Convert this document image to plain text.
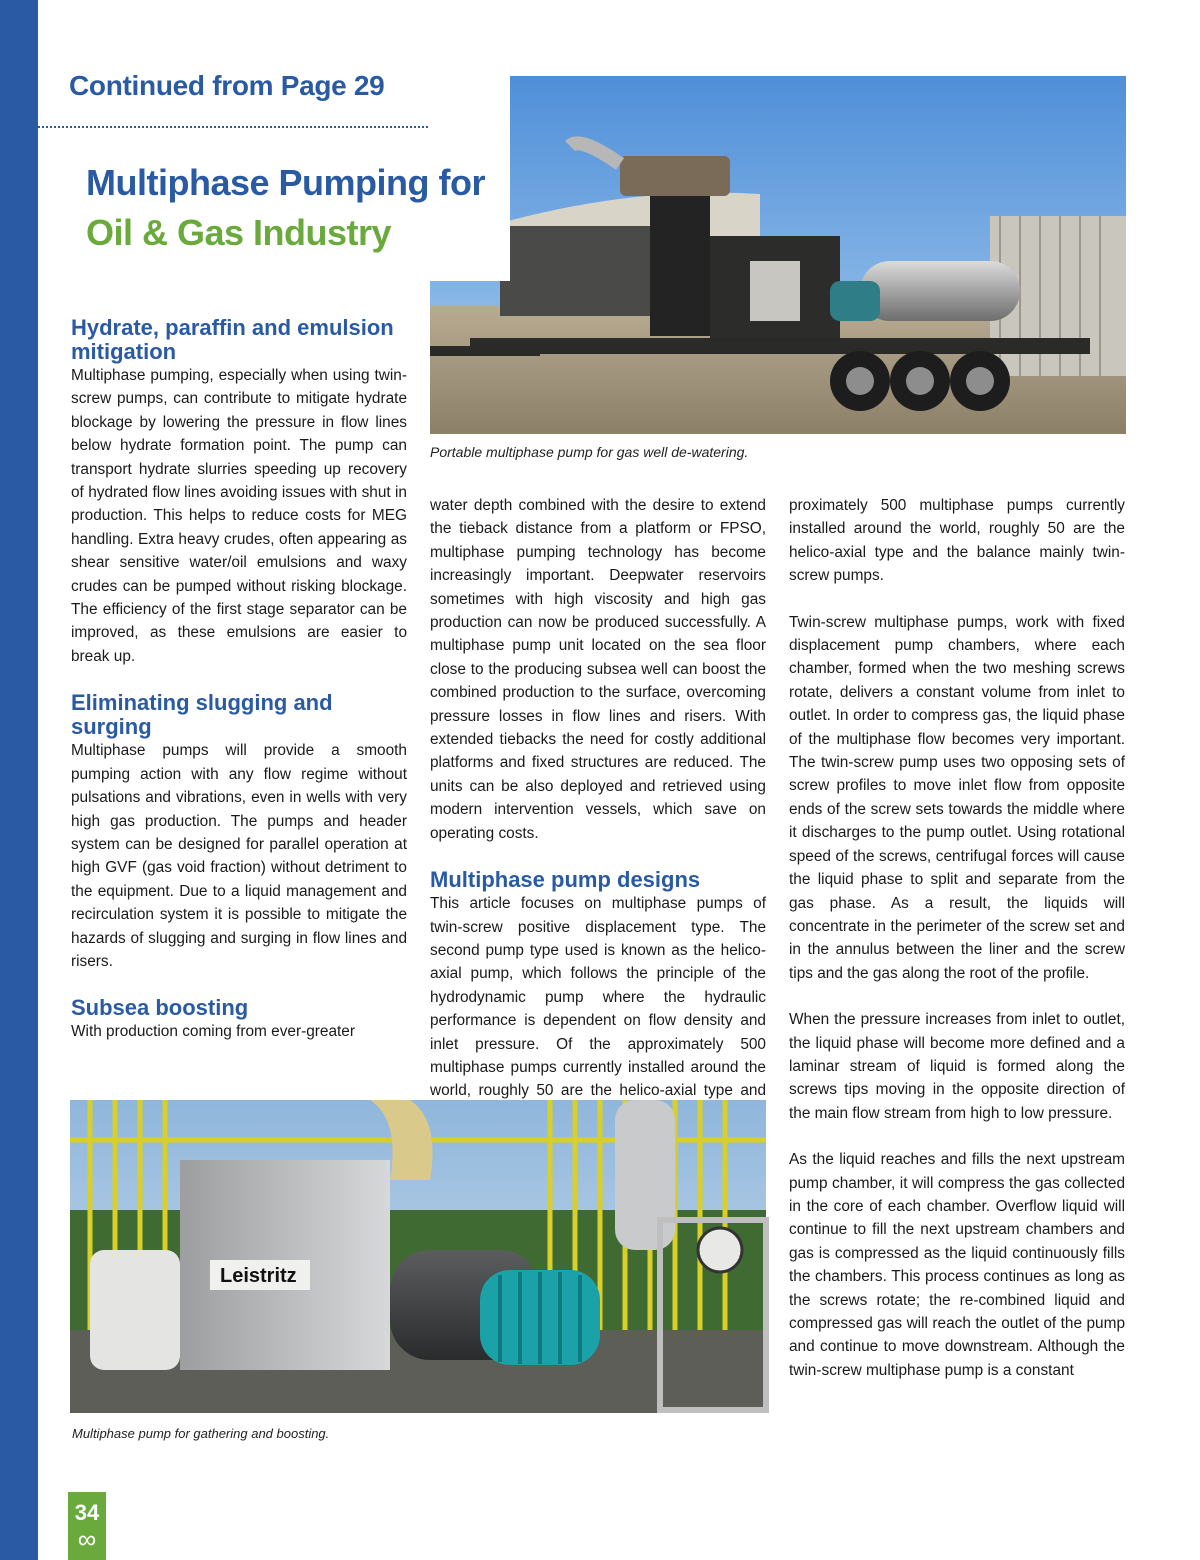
Continued from Page 29
Multiphase Pumping for
Oil & Gas Industry

Portable multiphase pump for gas well de-watering.

Hydrate, paraffin and emulsion mitigation

Multiphase pumping, especially when using twin-screw pumps, can contribute to mitigate hydrate blockage by lowering the pressure in flow lines below hydrate formation point. The pump can transport hydrate slurries speeding up recovery of hydrated flow lines avoiding issues with shut in production. This helps to reduce costs for MEG handling. Extra heavy crudes, often appearing as shear sensitive water/oil emulsions and waxy crudes can be pumped without risking blockage. The efficiency of the first stage separator can be improved, as these emulsions are easier to break up.

Eliminating slugging and surging

Multiphase pumps will provide a smooth pumping action with any flow regime without pulsations and vibrations, even in wells with very high gas production. The pumps and header system can be designed for parallel operation at high GVF (gas void fraction) without detriment to the equipment. Due to a liquid management and recirculation system it is possible to mitigate the hazards of slugging and surging in flow lines and risers.

Subsea boosting

With production coming from ever-greater

water depth combined with the desire to extend the tieback distance from a platform or FPSO, multiphase pumping technology has become increasingly important. Deepwater reservoirs sometimes with high viscosity and high gas production can now be produced successfully. A multiphase pump unit located on the sea floor close to the producing subsea well can boost the combined production to the surface, overcoming pressure losses in flow lines and risers. With extended tiebacks the need for costly additional platforms and fixed structures are reduced. The units can be also deployed and retrieved using modern intervention vessels, which save on operating costs.

Multiphase pump designs

This article focuses on multiphase pumps of twin-screw positive displacement type. The second pump type used is known as the helico-axial pump, which follows the principle of the hydrodynamic pump where the hydraulic performance is dependent on flow density and inlet pressure. Of the approximately 500 multiphase pumps currently installed around the world, roughly 50 are the helico-axial type and

proximately 500 multiphase pumps currently installed around the world, roughly 50 are the helico-axial type and the balance mainly twin-screw pumps.

Twin-screw multiphase pumps, work with fixed displacement pump chambers, where each chamber, formed when the two meshing screws rotate, delivers a constant volume from inlet to outlet. In order to compress gas, the liquid phase of the multiphase flow becomes very important. The twin-screw pump uses two opposing sets of screw profiles to move inlet flow from opposite ends of the screw sets towards the middle where it discharges to the pump outlet. Using rotational speed of the screws, centrifugal forces will cause the liquid phase to split and separate from the gas phase. As a result, the liquids will concentrate in the perimeter of the screw set and in the annulus between the liner and the screw tips and the gas along the root of the profile.

When the pressure increases from inlet to outlet, the liquid phase will become more defined and a laminar stream of liquid is formed along the screws tips moving in the opposite direction of the main flow stream from high to low pressure.

As the liquid reaches and fills the next upstream pump chamber, it will compress the gas collected in the core of each chamber. Overflow liquid will continue to fill the next upstream chambers and gas is compressed as the liquid continuously fills the chambers. This process continues as long as the screws rotate; the re-combined liquid and compressed gas will reach the outlet of the pump and continue to move downstream. Although the twin-screw multiphase pump is a constant

Leistritz

Multiphase pump for gathering and boosting.

34
∞
